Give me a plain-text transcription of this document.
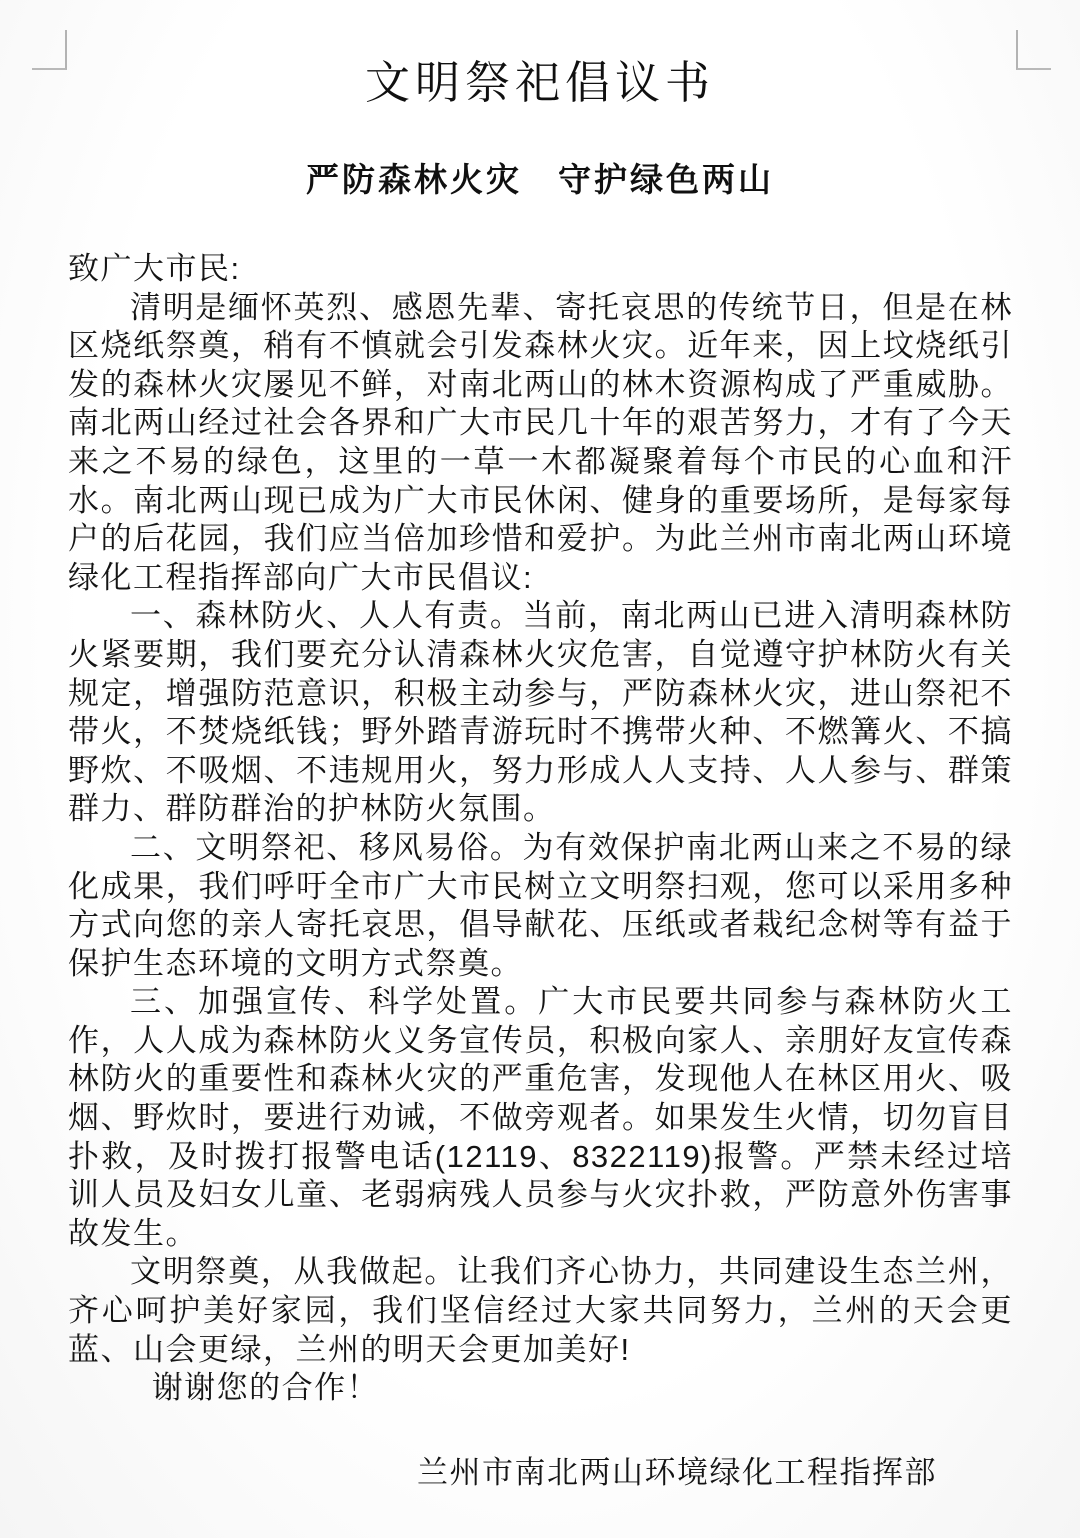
文明祭祀倡议书
严防森林火灾　守护绿色两山

致广大市民:

清明是缅怀英烈、感恩先辈、寄托哀思的传统节日，但是在林区烧纸祭奠，稍有不慎就会引发森林火灾。近年来，因上坟烧纸引发的森林火灾屡见不鲜，对南北两山的林木资源构成了严重威胁。南北两山经过社会各界和广大市民几十年的艰苦努力，才有了今天来之不易的绿色，这里的一草一木都凝聚着每个市民的心血和汗水。南北两山现已成为广大市民休闲、健身的重要场所，是每家每户的后花园，我们应当倍加珍惜和爱护。为此兰州市南北两山环境绿化工程指挥部向广大市民倡议:

一、森林防火、人人有责。当前，南北两山已进入清明森林防火紧要期，我们要充分认清森林火灾危害，自觉遵守护林防火有关规定，增强防范意识，积极主动参与，严防森林火灾，进山祭祀不带火，不焚烧纸钱；野外踏青游玩时不携带火种、不燃篝火、不搞野炊、不吸烟、不违规用火，努力形成人人支持、人人参与、群策群力、群防群治的护林防火氛围。

二、文明祭祀、移风易俗。为有效保护南北两山来之不易的绿化成果，我们呼吁全市广大市民树立文明祭扫观，您可以采用多种方式向您的亲人寄托哀思，倡导献花、压纸或者栽纪念树等有益于保护生态环境的文明方式祭奠。

三、加强宣传、科学处置。广大市民要共同参与森林防火工作，人人成为森林防火义务宣传员，积极向家人、亲朋好友宣传森林防火的重要性和森林火灾的严重危害，发现他人在林区用火、吸烟、野炊时，要进行劝诫，不做旁观者。如果发生火情，切勿盲目扑救，及时拨打报警电话(12119、8322119)报警。严禁未经过培训人员及妇女儿童、老弱病残人员参与火灾扑救，严防意外伤害事故发生。

文明祭奠，从我做起。让我们齐心协力，共同建设生态兰州，齐心呵护美好家园，我们坚信经过大家共同努力，兰州的天会更蓝、山会更绿，兰州的明天会更加美好!

谢谢您的合作！

兰州市南北两山环境绿化工程指挥部
